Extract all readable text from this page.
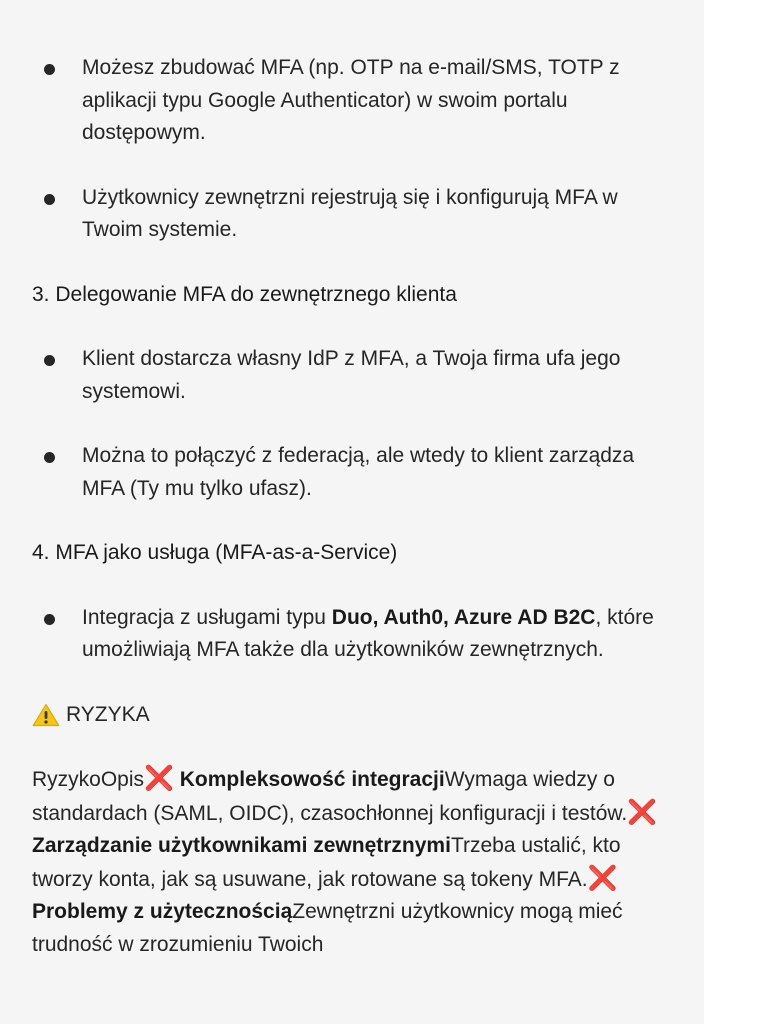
Możesz zbudować MFA (np. OTP na e-mail/SMS, TOTP z aplikacji typu Google Authenticator) w swoim portalu dostępowym.
Użytkownicy zewnętrzni rejestrują się i konfigurują MFA w Twoim systemie.
3. Delegowanie MFA do zewnętrznego klienta
Klient dostarcza własny IdP z MFA, a Twoja firma ufa jego systemowi.
Można to połączyć z federacją, ale wtedy to klient zarządza MFA (Ty mu tylko ufasz).
4. MFA jako usługa (MFA-as-a-Service)
Integracja z usługami typu Duo, Auth0, Azure AD B2C, które umożliwiają MFA także dla użytkowników zewnętrznych.
RYZYKA

RyzykoOpis❌ Kompleksowość integracjiWymaga wiedzy o standardach (SAML, OIDC), czasochłonnej konfiguracji i testów.❌ Zarządzanie użytkownikami zewnętrznymiTrzeba ustalić, kto tworzy konta, jak są usuwane, jak rotowane są tokeny MFA.❌ Problemy z użytecznościąZewnętrzni użytkownicy mogą mieć trudność w zrozumieniu Twoich
